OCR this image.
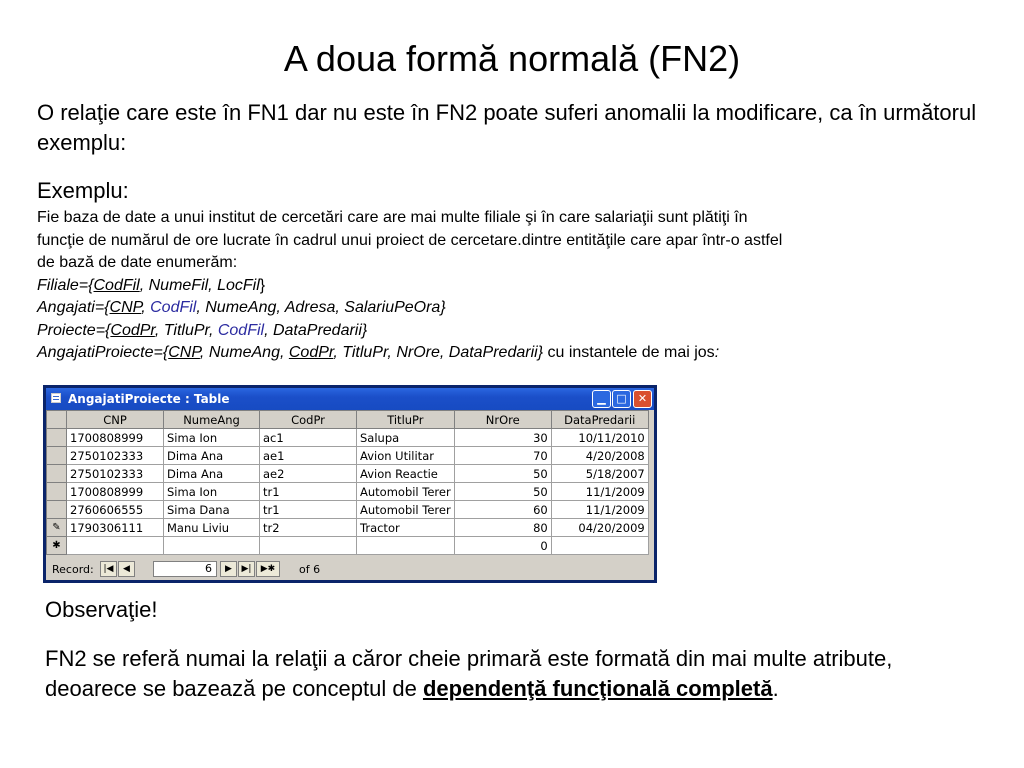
A doua formă normală (FN2)
O relaţie care este în FN1 dar nu este în FN2 poate suferi anomalii la modificare, ca în următorul exemplu:
Exemplu:
Fie baza de date a unui institut de cercetări care are mai multe filiale şi în care salariaţii sunt plătiţi în
funcţie de numărul de ore lucrate în cadrul unui proiect de cercetare.dintre entităţile care apar într-o astfel
de bază de date enumerăm:
Filiale={CodFil, NumeFil, LocFil}
Angajati={CNP, CodFil, NumeAng, Adresa, SalariuPeOra}
Proiecte={CodPr, TitluPr, CodFil, DataPredarii}
AngajatiProiecte={CNP, NumeAng, CodPr, TitluPr, NrOre, DataPredarii} cu instantele de mai jos:
AngajatiProiecte : Table	▁ □	✕
	CNP	NumeAng	CodPr	TitluPr	NrOre	DataPredarii
	1700808999	Sima Ion	ac1	Salupa	30	10/11/2010
	2750102333	Dima Ana	ae1	Avion Utilitar	70	4/20/2008
	2750102333	Dima Ana	ae2	Avion Reactie	50	5/18/2007
	1700808999	Sima Ion	tr1	Automobil Terer	50	11/1/2009
	2760606555	Sima Dana	tr1	Automobil Terer	60	11/1/2009
✎	1790306111	Manu Liviu	tr2	Tractor	80	04/20/2009
✱					0	
Record:	|◀	◀	6	▶	▶|	▶✱	of 6
Observaţie!
FN2 se referă numai la relaţii a căror cheie primară este formată din mai multe atribute, deoarece se bazează pe conceptul de dependenţă funcţională completă.
